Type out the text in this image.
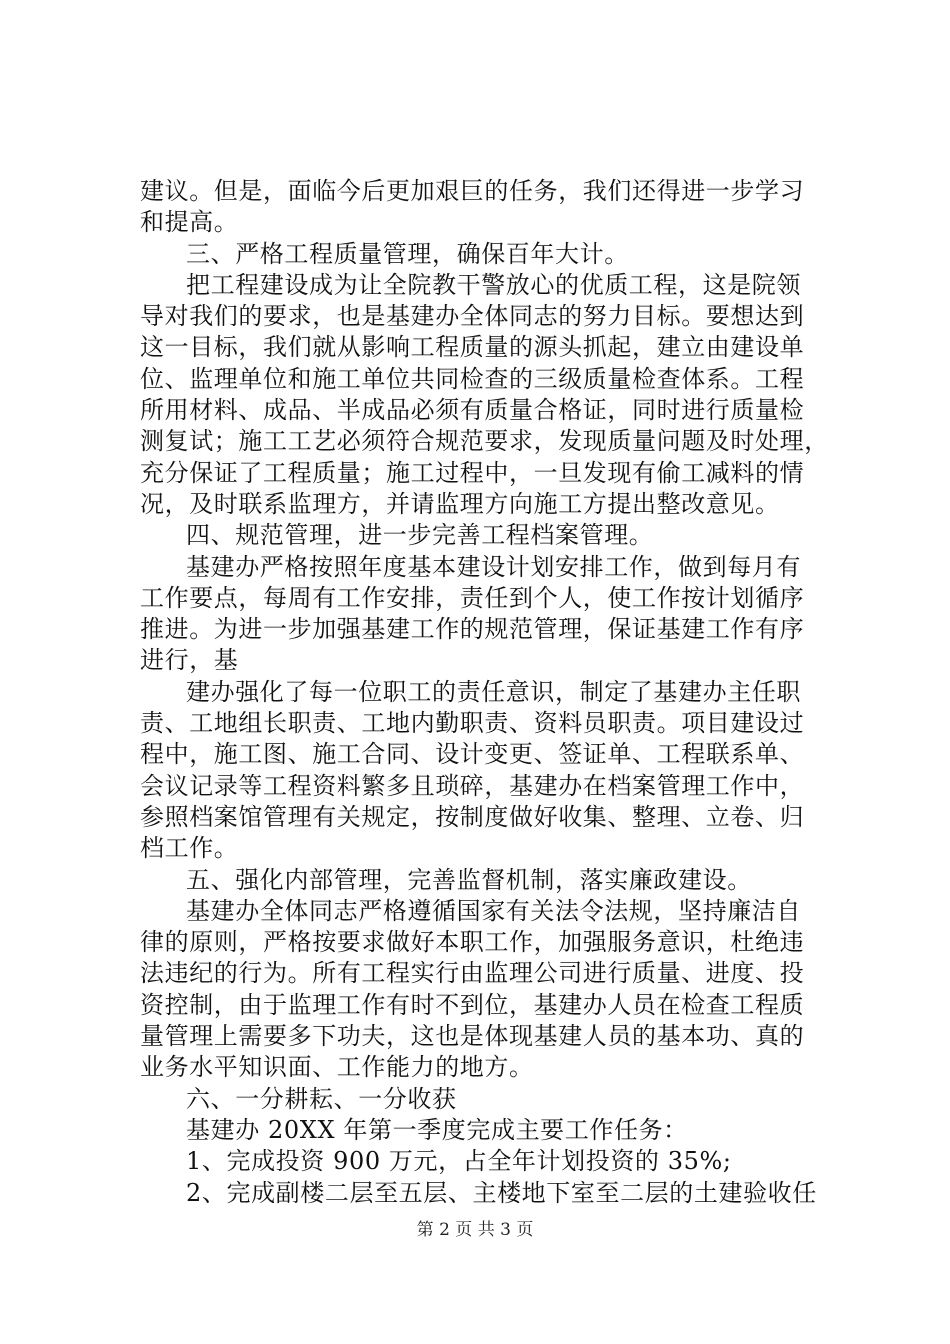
建议。但是，面临今后更加艰巨的任务，我们还得进一步学习
和提高。
三、严格工程质量管理，确保百年大计。
把工程建设成为让全院教干警放心的优质工程，这是院领
导对我们的要求，也是基建办全体同志的努力目标。要想达到
这一目标，我们就从影响工程质量的源头抓起，建立由建设单
位、监理单位和施工单位共同检查的三级质量检查体系。工程
所用材料、成品、半成品必须有质量合格证，同时进行质量检
测复试；施工工艺必须符合规范要求，发现质量问题及时处理，
充分保证了工程质量；施工过程中，一旦发现有偷工减料的情
况，及时联系监理方，并请监理方向施工方提出整改意见。
四、规范管理，进一步完善工程档案管理。
基建办严格按照年度基本建设计划安排工作，做到每月有
工作要点，每周有工作安排，责任到个人，使工作按计划循序
推进。为进一步加强基建工作的规范管理，保证基建工作有序
进行，基
建办强化了每一位职工的责任意识，制定了基建办主任职
责、工地组长职责、工地内勤职责、资料员职责。项目建设过
程中，施工图、施工合同、设计变更、签证单、工程联系单、
会议记录等工程资料繁多且琐碎，基建办在档案管理工作中，
参照档案馆管理有关规定，按制度做好收集、整理、立卷、归
档工作。
五、强化内部管理，完善监督机制，落实廉政建设。
基建办全体同志严格遵循国家有关法令法规，坚持廉洁自
律的原则，严格按要求做好本职工作，加强服务意识，杜绝违
法违纪的行为。所有工程实行由监理公司进行质量、进度、投
资控制，由于监理工作有时不到位，基建办人员在检查工程质
量管理上需要多下功夫，这也是体现基建人员的基本功、真的
业务水平知识面、工作能力的地方。
六、一分耕耘、一分收获
基建办 20XX 年第一季度完成主要工作任务：
1、完成投资 900 万元，占全年计划投资的 35%;
2、完成副楼二层至五层、主楼地下室至二层的土建验收任
第 2 页 共 3 页
